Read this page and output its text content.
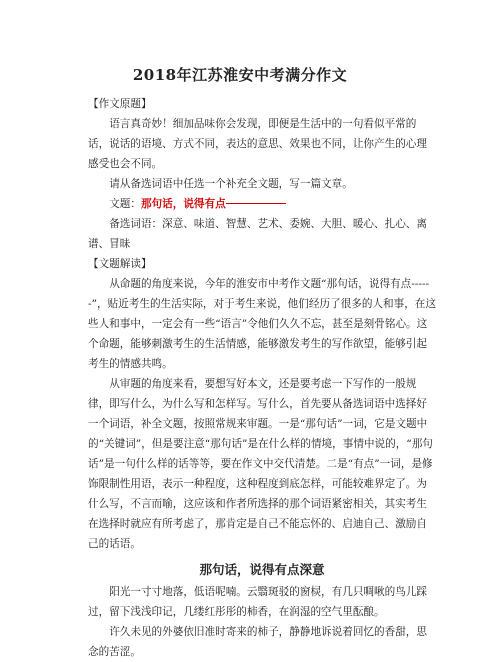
2018年江苏淮安中考满分作文

【作文原题】

语言真奇妙！细加品味你会发现，即便是生活中的一句看似平常的话，说话的语境、方式不同，表达的意思、效果也不同，让你产生的心理感受也会不同。

请从备选词语中任选一个补充全文题，写一篇文章。

文题：那句话，说得有点

备选词语：深意、味道、智慧、艺术、委婉、大胆、暖心、扎心、离谱、冒昧

【文题解读】

从命题的角度来说，今年的淮安市中考作文题“那句话，说得有点------”，贴近考生的生活实际，对于考生来说，他们经历了很多的人和事，在这些人和事中，一定会有一些“语言”令他们久久不忘，甚至是刻骨铭心。这个命题，能够刺激考生的生活情感，能够激发考生的写作欲望，能够引起考生的情感共鸣。

从审题的角度来看，要想写好本文，还是要考虑一下写作的一般规律，即写什么，为什么写和怎样写。写什么，首先要从备选词语中选择好一个词语，补全文题，按照常规来审题。一是“那句话”一词，它是文题中的“关键词”，但是要注意“那句话”是在什么样的情境，事情中说的，“那句话”是一句什么样的话等等，要在作文中交代清楚。二是“有点”一词，是修饰限制性用语，表示一种程度，这种程度到底怎样，可能较难界定了。为什么写，不言而喻，这应该和作者所选择的那个词语紧密相关，其实考生在选择时就应有所考虑了，那肯定是自己不能忘怀的、启迪自己、激励自己的话语。

那句话，说得有点深意

阳光一寸寸地落，低语呢喃。云翳斑驳的窗棂，有几只啁啾的鸟儿踩过，留下浅浅印记，几缕红彤彤的柿香，在润湿的空气里酝酿。

许久未见的外婆依旧准时寄来的柿子，静静地诉说着回忆的香甜，思念的苦涩。
